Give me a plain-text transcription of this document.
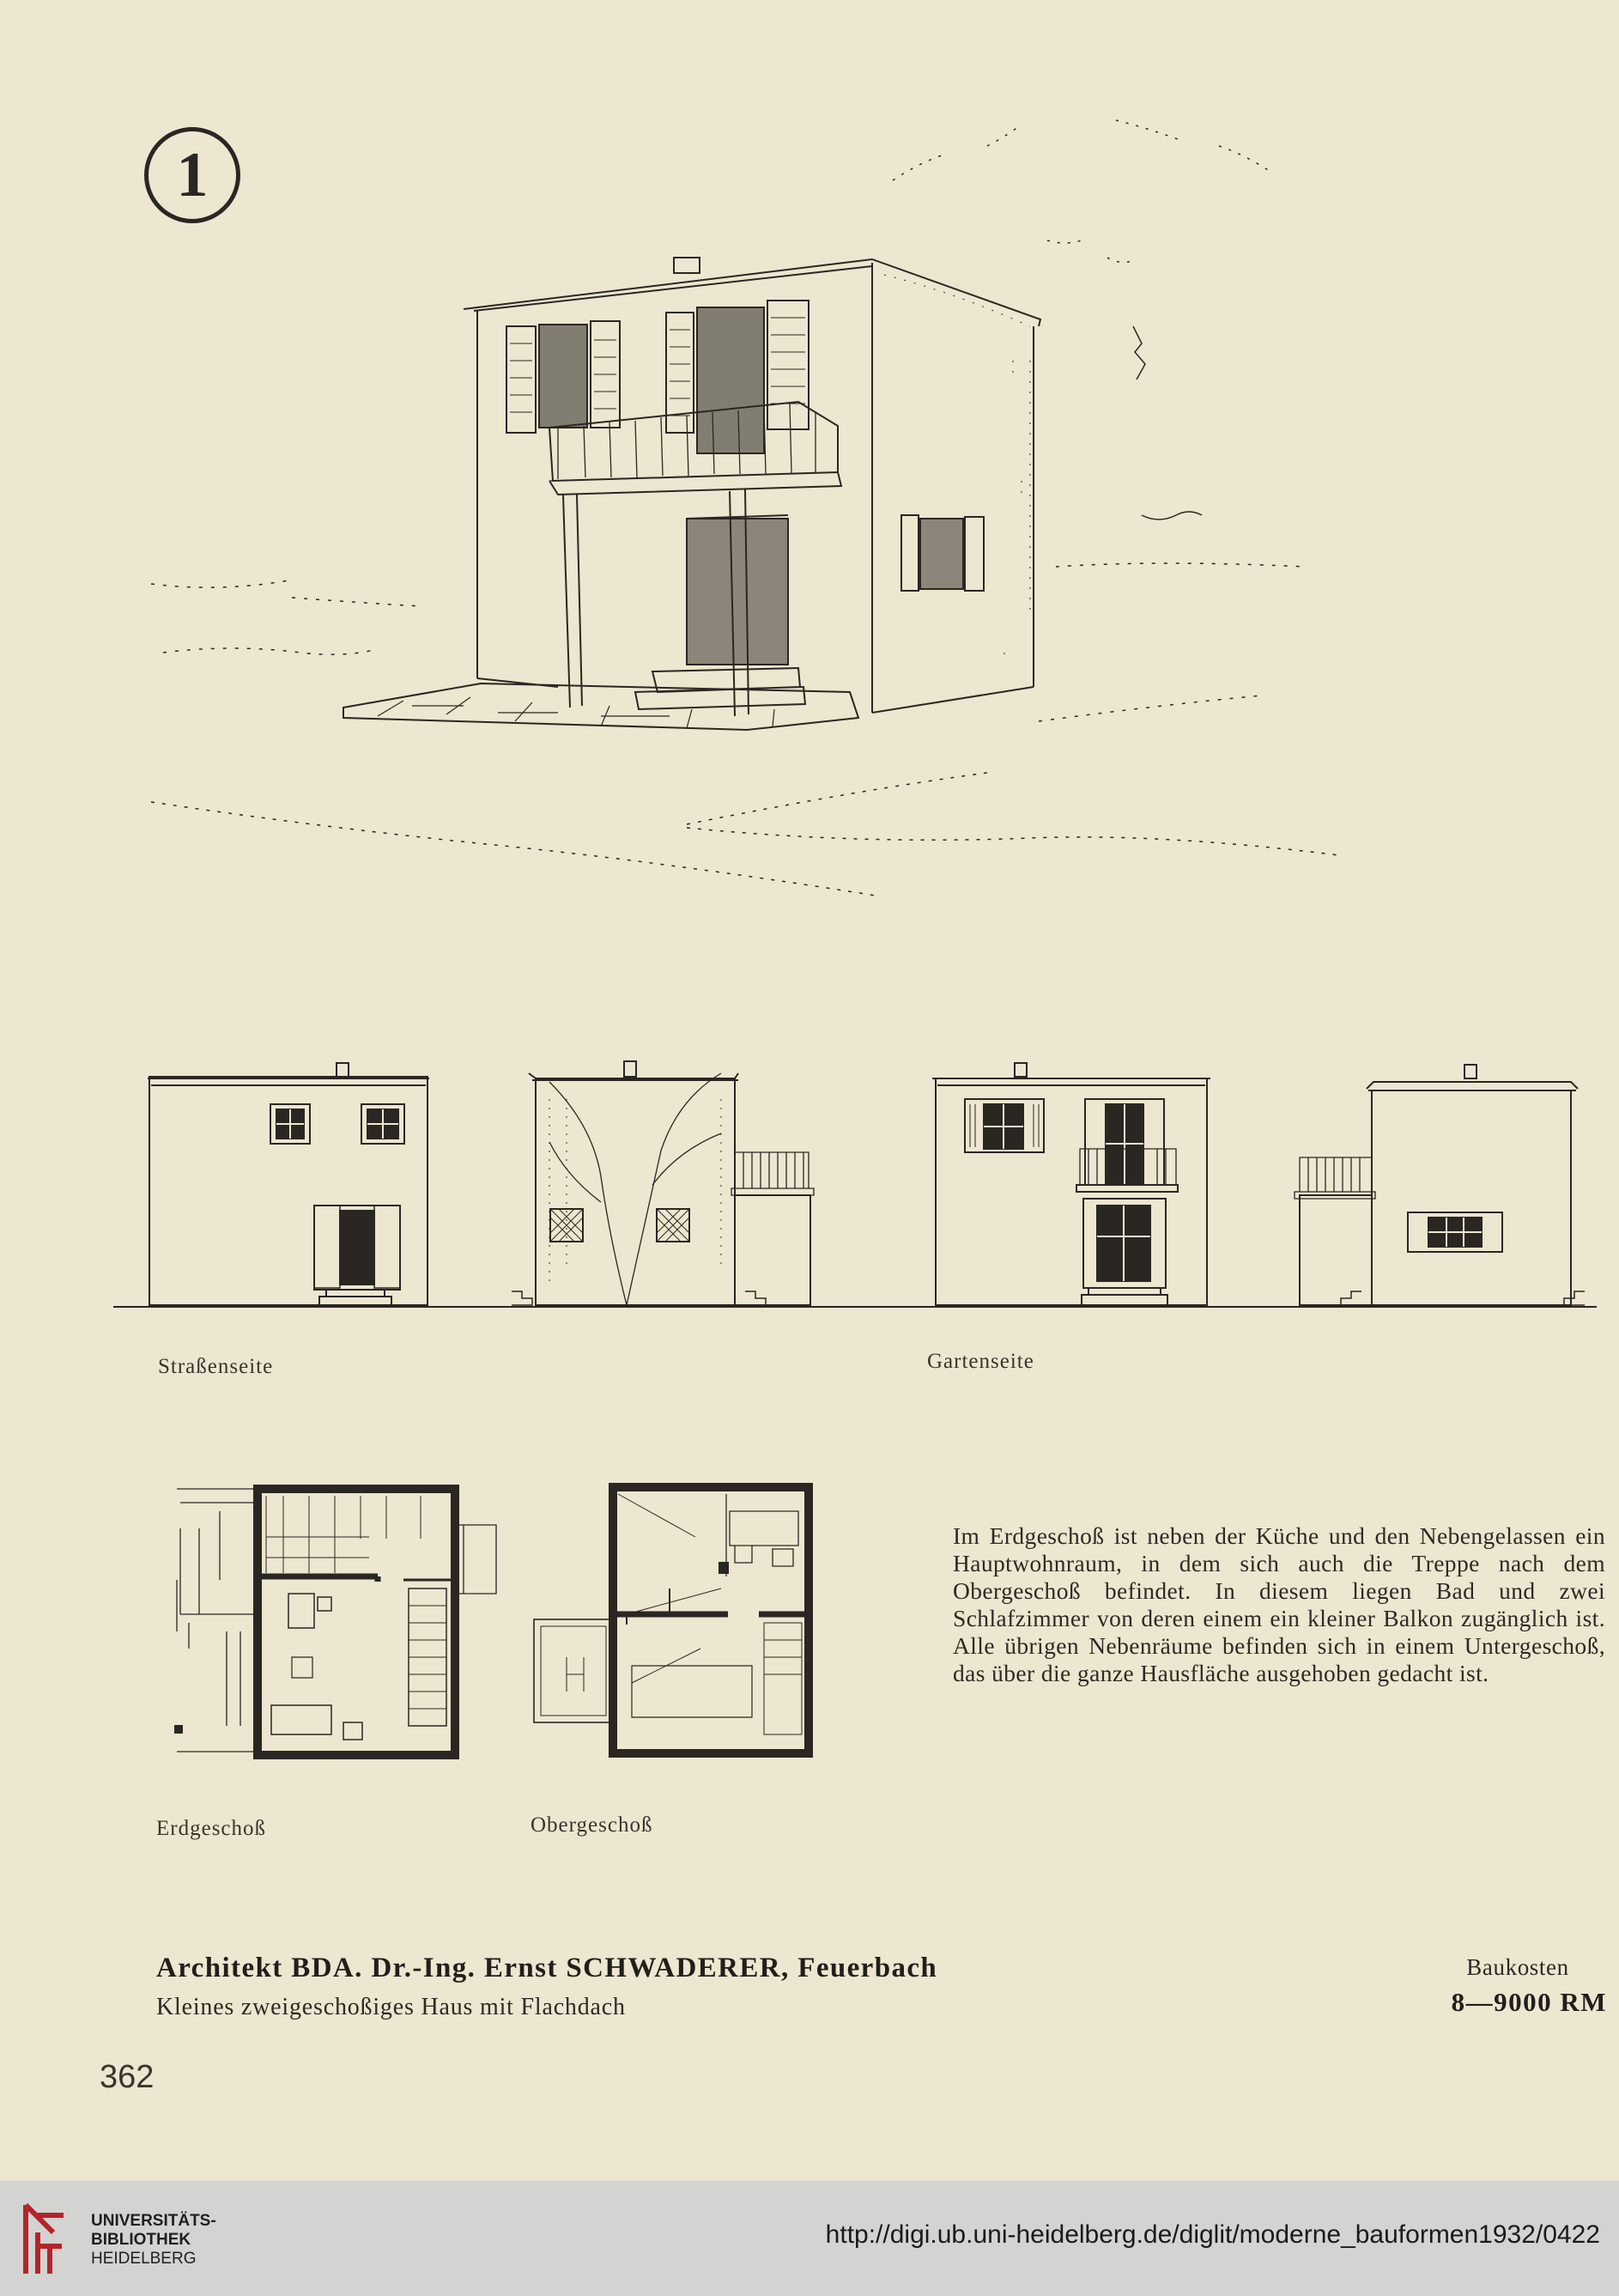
1
Straßenseite	Gartenseite
Erdgeschoß	Obergeschoß
Im Erdgeschoß ist neben der Küche und den Nebengelassen ein Hauptwohnraum, in dem sich auch die Treppe nach dem Obergeschoß befindet. In diesem liegen Bad und zwei Schlafzimmer von deren einem ein kleiner Balkon zugänglich ist. Alle übrigen Nebenräume befinden sich in einem Untergeschoß, das über die ganze Hausfläche ausgehoben gedacht ist.
Architekt BDA. Dr.-Ing. Ernst SCHWADERER, Feuerbach
Kleines zweigeschoßiges Haus mit Flachdach
Baukosten
8—9000 RM
362
UNIVERSITÄTS-
BIBLIOTHEK
HEIDELBERG
http://digi.ub.uni-heidelberg.de/diglit/moderne_bauformen1932/0422
